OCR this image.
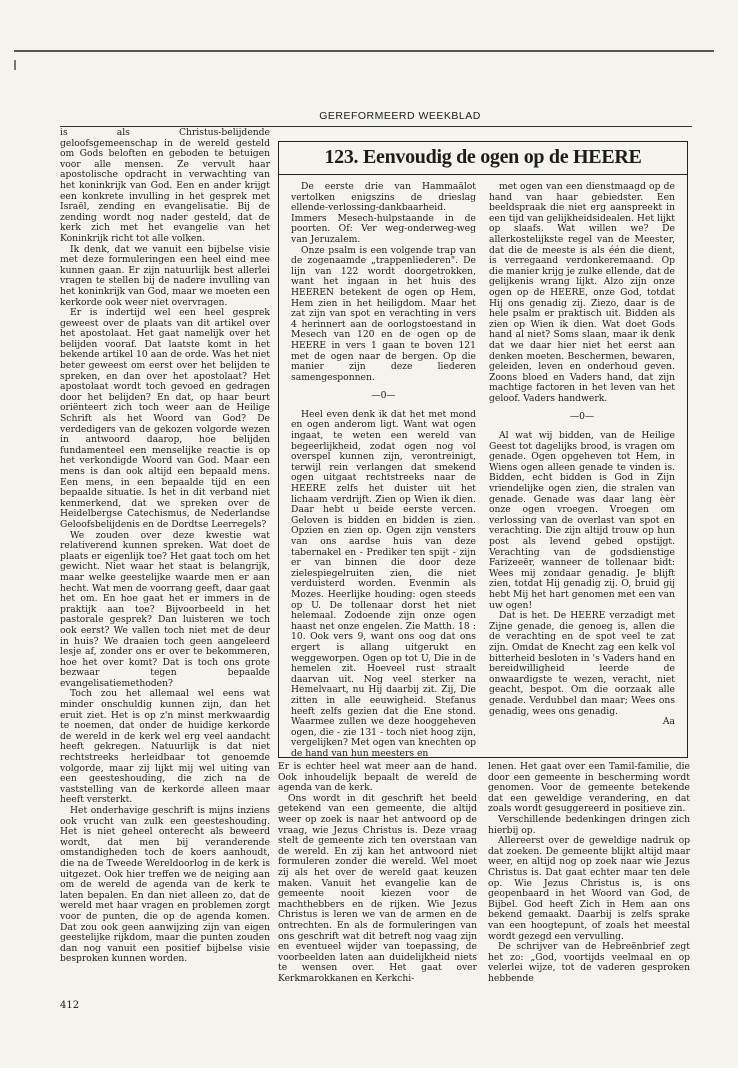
GEREFORMEERD WEEKBLAD

is als Christus-belijdende geloofsgemeenschap in de wereld gesteld om Gods beloften en geboden te betuigen voor alle mensen. Ze vervult haar apostolische opdracht in verwachting van het koninkrijk van God. Een en ander krijgt een konkrete invulling in het gesprek met Israël, zending en evangelisatie. Bij de zending wordt nog nader gesteld, dat de kerk zich met het evangelie van het Koninkrijk richt tot alle volken.

Ik denk, dat we vanuit een bijbelse visie met deze formuleringen een heel eind mee kunnen gaan. Er zijn natuurlijk best allerlei vragen te stellen bij de nadere invulling van het koninkrijk van God, maar we moeten een kerkorde ook weer niet overvragen.

Er is indertijd wel een heel gesprek geweest over de plaats van dit artikel over het apostolaat. Het gaat namelijk over het belijden vooraf. Dat laatste komt in het bekende artikel 10 aan de orde. Was het niet beter geweest om eerst over het belijden te spreken, en dan over het apostolaat? Het apostolaat wordt toch gevoed en gedragen door het belijden? En dat, op haar beurt oriënteert zich toch weer aan de Heilige Schrift als het Woord van God? De verdedigers van de gekozen volgorde wezen in antwoord daarop, hoe belijden fundamenteel een menselijke reactie is op het verkondigde Woord van God. Maar een mens is dan ook altijd een bepaald mens. Een mens, in een bepaalde tijd en een bepaalde situatie. Is het in dit verband niet kenmerkend, dat we spreken over de Heidelbergse Catechismus, de Nederlandse Geloofsbelijdenis en de Dordtse Leerregels?

We zouden over deze kwestie wat relativerend kunnen spreken. Wat doet de plaats er eigenlijk toe? Het gaat toch om het gewicht. Niet waar het staat is belangrijk, maar welke geestelijke waarde men er aan hecht. Wat men de voorrang geeft, daar gaat het om. En hoe gaat het er immers in de praktijk aan toe? Bijvoorbeeld in het pastorale gesprek? Dan luisteren we toch ook eerst? We vallen toch niet met de deur in huis? We draaien toch geen aangeleerd lesje af, zonder ons er over te bekommeren, hoe het over komt? Dat is toch ons grote bezwaar tegen bepaalde evangelisatiemethoden?

Toch zou het allemaal wel eens wat minder onschuldig kunnen zijn, dan het eruit ziet. Het is op z'n minst merkwaardig te noemen, dat onder de huidige kerkorde de wereld in de kerk wel erg veel aandacht heeft gekregen. Natuurlijk is dat niet rechtstreeks herleidbaar tot genoemde volgorde, maar zij lijkt mij wel uiting van een geesteshouding, die zich na de vaststelling van de kerkorde alleen maar heeft versterkt.

Het onderhavige geschrift is mijns inziens ook vrucht van zulk een geesteshouding. Het is niet geheel onterecht als beweerd wordt, dat men bij veranderende omstandigheden toch de koers aanhoudt, die na de Tweede Wereldoorlog in de kerk is uitgezet. Ook hier treffen we de neiging aan om de wereld de agenda van de kerk te laten bepalen. En dan niet alleen zo, dat de wereld met haar vragen en problemen zorgt voor de punten, die op de agenda komen. Dat zou ook geen aanwijzing zijn van eigen geestelijke rijkdom, maar die punten zouden dan nog vanuit een positief bijbelse visie besproken kunnen worden.

123. Eenvoudig de ogen op de HEERE

De eerste drie van Hammaälot vertolken enigszins de drieslag ellende-verlossing-dankbaarheid. Immers Mesech-hulpstaande in de poorten. Of: Ver weg-onderweg-weg van Jeruzalem.

Onze psalm is een volgende trap van de zogenaamde „trappenliederen". De lijn van 122 wordt doorgetrokken, want het ingaan in het huis des HEEREN betekent de ogen op Hem, Hem zien in het heiligdom. Maar het zat zijn van spot en verachting in vers 4 herinnert aan de oorlogstoestand in Mesech van 120 en de ogen op de HEERE in vers 1 gaan te boven 121 met de ogen naar de bergen. Op die manier zijn deze liederen samengesponnen.

—0—

Heel even denk ik dat het met mond en ogen anderom ligt. Want wat ogen ingaat, te weten een wereld van begeerlijkheid, zodat ogen nog vol overspel kunnen zijn, verontreinigt, terwijl rein verlangen dat smekend ogen uitgaat rechtstreeks naar de HEERE zelfs het duister uit het lichaam verdrijft. Zien op Wien ik dien. Daar hebt u beide eerste vercen. Geloven is bidden en bidden is zien. Opzien en zien op. Ogen zijn vensters van ons aardse huis van deze tabernakel en - Prediker ten spijt - zijn er van binnen die door deze zielespiegelruiten zien, die niet verduisterd worden. Evenmin als Mozes. Heerlijke houding: ogen steeds op U. De tollenaar dorst het niet helemaal. Zodoende zijn onze ogen haast net onze engelen. Zie Matth. 18 : 10. Ook vers 9, want ons oog dat ons ergert is allang uitgerukt en weggeworpen. Ogen op tot U, Die in de hemelen zit. Hoeveel rust straalt daarvan uit. Nog veel sterker na Hemelvaart, nu Hij daarbij zit. Zij, Die zitten in alle eeuwigheid. Stefanus heeft zelfs gezien dat die Ene stond. Waarmee zullen we deze hooggeheven ogen, die - zie 131 - toch niet hoog zijn, vergelijken? Met ogen van knechten op de hand van hun meesters en

met ogen van een dienstmaagd op de hand van haar gebiedster. Een beeldspraak die niet erg aanspreekt in een tijd van gelijkheidsidealen. Het lijkt op slaafs. Wat willen we? De allerkostelijkste regel van de Meester, dat die de meeste is als één die dient, is verregaand verdonkeremaand. Op die manier krijg je zulke ellende, dat de gelijkenis wrang lijkt. Alzo zijn onze ogen op de HEERE, onze God, totdat Hij ons genadig zij. Ziezo, daar is de hele psalm er praktisch uit. Bidden als zien op Wien ik dien. Wat doet Gods hand al niet? Soms slaan, maar ik denk dat we daar hier niet het eerst aan denken moeten. Beschermen, bewaren, geleiden, leven en onderhoud geven. Zoons bloed en Vaders hand, dat zijn machtige factoren in het leven van het geloof. Vaders handwerk.

—0—

Al wat wij bidden, van de Heilige Geest tot dagelijks brood, is vragen om genade. Ogen opgeheven tot Hem, in Wiens ogen alleen genade te vinden is. Bidden, echt bidden is God in Zijn vriendelijke ogen zien, die stralen van genade. Genade was daar lang èèr onze ogen vroegen. Vroegen om verlossing van de overlast van spot en verachting. Die zijn altijd trouw op hun post als levend gebed opstijgt. Verachting van de godsdienstige Farizeeër, wanneer de tollenaar bidt: Wees mij zondaar genadig. Je blijft zien, totdat Hij genadig zij. O, bruid gij hebt Mij het hart genomen met een van uw ogen!

Dat is het. De HEERE verzadigt met Zijne genade, die genoeg is, allen die de verachting en de spot veel te zat zijn. Omdat de Knecht zag een kelk vol bitterheid besloten in 's Vaders hand en bereidwilligheid leerde de onwaardigste te wezen, veracht, niet geacht, bespot. Om die oorzaak alle genade. Verdubbel dan maar; Wees ons genadig, wees ons genadig.

Aa

Er is echter heel wat meer aan de hand. Ook inhoudelijk bepaalt de wereld de agenda van de kerk.

Ons wordt in dit geschrift het beeld getekend van een gemeente, die altijd weer op zoek is naar het antwoord op de vraag, wie Jezus Christus is. Deze vraag stelt de gemeente zich ten overstaan van de wereld. En zij kan het antwoord niet formuleren zonder die wereld. Wel moet zij als het over de wereld gaat keuzen maken. Vanuit het evangelie kan de gemeente nooit kiezen voor de machthebbers en de rijken. Wie Jezus Christus is leren we van de armen en de ontrechten. En als de formuleringen van ons geschrift wat dit betreft nog vaag zijn en eventueel wijder van toepassing, de voorbeelden laten aan duidelijkheid niets te wensen over. Het gaat over Kerkmarokkanen en Kerkchi-

lenen. Het gaat over een Tamil-familie, die door een gemeente in bescherming wordt genomen. Voor de gemeente betekende dat een geweldige verandering, en dat zoals wordt gesuggereerd in positieve zin.

Verschillende bedenkingen dringen zich hierbij op.

Allereerst over de geweldige nadruk op dat zoeken. De gemeente blijkt altijd maar weer, en altijd nog op zoek naar wie Jezus Christus is. Dat gaat echter maar ten dele op. Wie Jezus Christus is, is ons geopenbaard in het Woord van God, de Bijbel. God heeft Zich in Hem aan ons bekend gemaakt. Daarbij is zelfs sprake van een hoogtepunt, of zoals het meestal wordt gezegd een vervulling.

De schrijver van de Hebreënbrief zegt het zo: „God, voortijds veelmaal en op velerlei wijze, tot de vaderen gesproken hebbende

412
